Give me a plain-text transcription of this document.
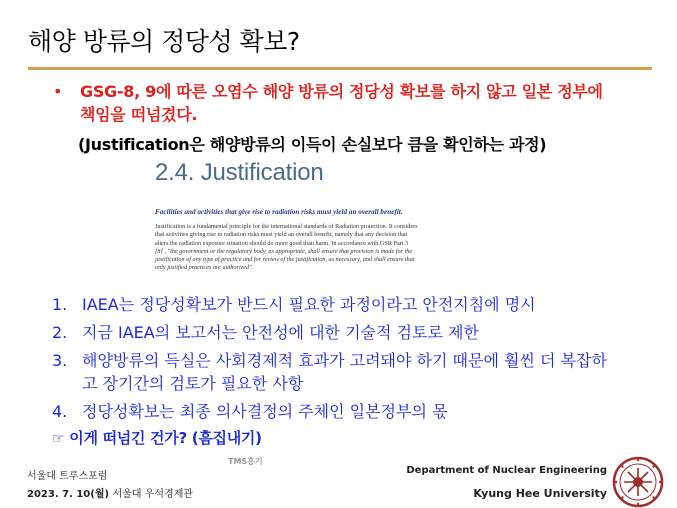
해양 방류의 정당성 확보?
• GSG-8, 9에 따른 오염수 해양 방류의 정당성 확보를 하지 않고 일본 정부에
책임을 떠넘겼다.
(Justification은 해양방류의 이득이 손실보다 큼을 확인하는 과정)
2.4. Justification
Facilities and activities that give rise to radiation risks must yield an overall benefit.

Justification is a fundamental principle for the international standards of Radiation protection. It considers

that activities giving rise to radiation risks must yield an overall benefit, namely that any decision that

alters the radiation exposure situation should do more good than harm. In accordance with GSR Part 3

[8] , "the government or the regulatory body, as appropriate, shall ensure that provision is made for the

justification of any type of practice and for review of the justification, as necessary, and shall ensure that

only justified practices are authorized".

1. IAEA는 정당성확보가 반드시 필요한 과정이라고 안전지침에 명시
2. 지금 IAEA의 보고서는 안전성에 대한 기술적 검토로 제한
3. 해양방류의 득실은 사회경제적 효과가 고려돼야 하기 때문에 훨씬 더 복잡하
고 장기간의 검토가 필요한 사항
4. 정당성확보는 최종 의사결정의 주체인 일본정부의 몫
☞ 이게 떠넘긴 건가? (흠집내기)
서울대 트루스포럼
2023. 7. 10(월) 서울대 우석경제관
TMS홍기
Department of Nuclear Engineering
Kyung Hee University
